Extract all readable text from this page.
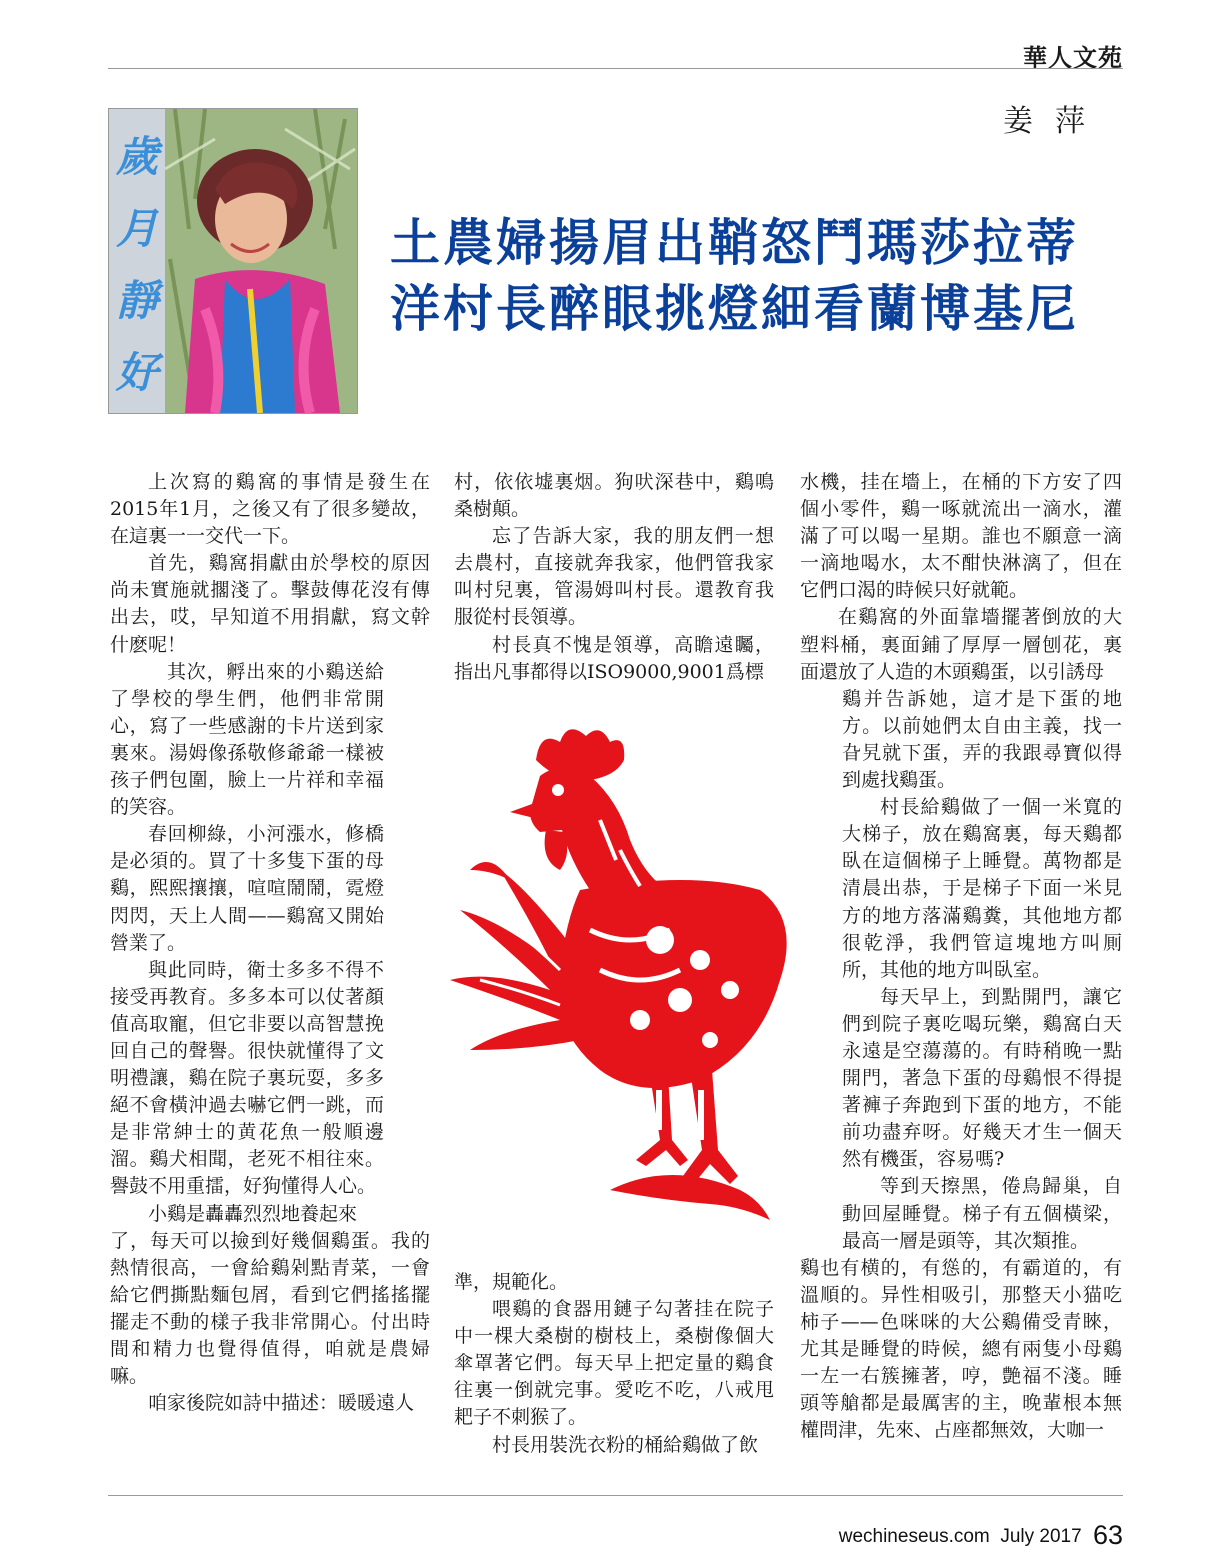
華人文苑
姜萍
歲
月
靜
好
土農婦揚眉出鞘怒鬥瑪莎拉蒂
洋村長醉眼挑燈細看蘭博基尼

上次寫的鷄窩的事情是發生在2015年1月，之後又有了很多變故，在這裏一一交代一下。

首先，鷄窩捐獻由於學校的原因尚未實施就擱淺了。擊鼓傳花沒有傳出去，哎，早知道不用捐獻，寫文幹什麽呢！

其次，孵出來的小鷄送給了學校的學生們，他們非常開心，寫了一些感謝的卡片送到家裏來。湯姆像孫敬修爺爺一樣被孩子們包圍，臉上一片祥和幸福的笑容。

春回柳綠，小河漲水，修橋是必須的。買了十多隻下蛋的母鷄，熙熙攘攘，喧喧鬧鬧，霓燈閃閃，天上人間——鷄窩又開始營業了。

與此同時，衛士多多不得不接受再教育。多多本可以仗著顏值高取寵，但它非要以高智慧挽回自己的聲譽。很快就懂得了文明禮讓，鷄在院子裏玩耍，多多絕不會橫沖過去嚇它們一跳，而是非常紳士的黄花魚一般順邊溜。鷄犬相聞，老死不相往來。譽鼓不用重擂，好狗懂得人心。

小鷄是轟轟烈烈地養起來

了，每天可以撿到好幾個鷄蛋。我的熱情很高，一會給鷄剁點青菜，一會給它們撕點麵包屑，看到它們搖搖擺擺走不動的樣子我非常開心。付出時間和精力也覺得值得，咱就是農婦嘛。

咱家後院如詩中描述：暖暖遠人

村，依依墟裏烟。狗吠深巷中，鷄鳴桑樹顛。

忘了告訴大家，我的朋友們一想去農村，直接就奔我家，他們管我家叫村兒裏，管湯姆叫村長。還教育我服從村長領導。

村長真不愧是領導，高瞻遠矚，指出凡事都得以ISO9000,9001爲標

準，規範化。

喂鷄的食器用鏈子勾著挂在院子中一棵大桑樹的樹枝上，桑樹像個大傘罩著它們。每天早上把定量的鷄食往裏一倒就完事。愛吃不吃，八戒甩耙子不刺猴了。

村長用裝洗衣粉的桶給鷄做了飲

水機，挂在墻上，在桶的下方安了四個小零件，鷄一啄就流出一滴水，灌滿了可以喝一星期。誰也不願意一滴一滴地喝水，太不酣快淋漓了，但在它們口渴的時候只好就範。

在鷄窩的外面靠墻擺著倒放的大塑料桶，裏面鋪了厚厚一層刨花，裏面還放了人造的木頭鷄蛋，以引誘母

鷄并告訴她，這才是下蛋的地方。以前她們太自由主義，找一旮旯就下蛋，弄的我跟尋寶似得到處找鷄蛋。

村長給鷄做了一個一米寬的大梯子，放在鷄窩裏，每天鷄都臥在這個梯子上睡覺。萬物都是清晨出恭，于是梯子下面一米見方的地方落滿鷄糞，其他地方都很乾淨，我們管這塊地方叫厠所，其他的地方叫臥室。

每天早上，到點開門，讓它們到院子裏吃喝玩樂，鷄窩白天永遠是空蕩蕩的。有時稍晚一點開門，著急下蛋的母鷄恨不得提著褲子奔跑到下蛋的地方，不能前功盡弃呀。好幾天才生一個天然有機蛋，容易嗎?

等到天擦黑，倦鳥歸巢，自動回屋睡覺。梯子有五個橫梁，最高一層是頭等，其次類推。

鷄也有横的，有慫的，有霸道的，有溫順的。异性相吸引，那整天小猫吃柿子——色咪咪的大公鷄備受青睞，尤其是睡覺的時候，總有兩隻小母鷄一左一右簇擁著，哼，艶福不淺。睡頭等艙都是最厲害的主，晚輩根本無權問津，先來、占座都無效，大咖一

wechineseus.com July 2017 63
